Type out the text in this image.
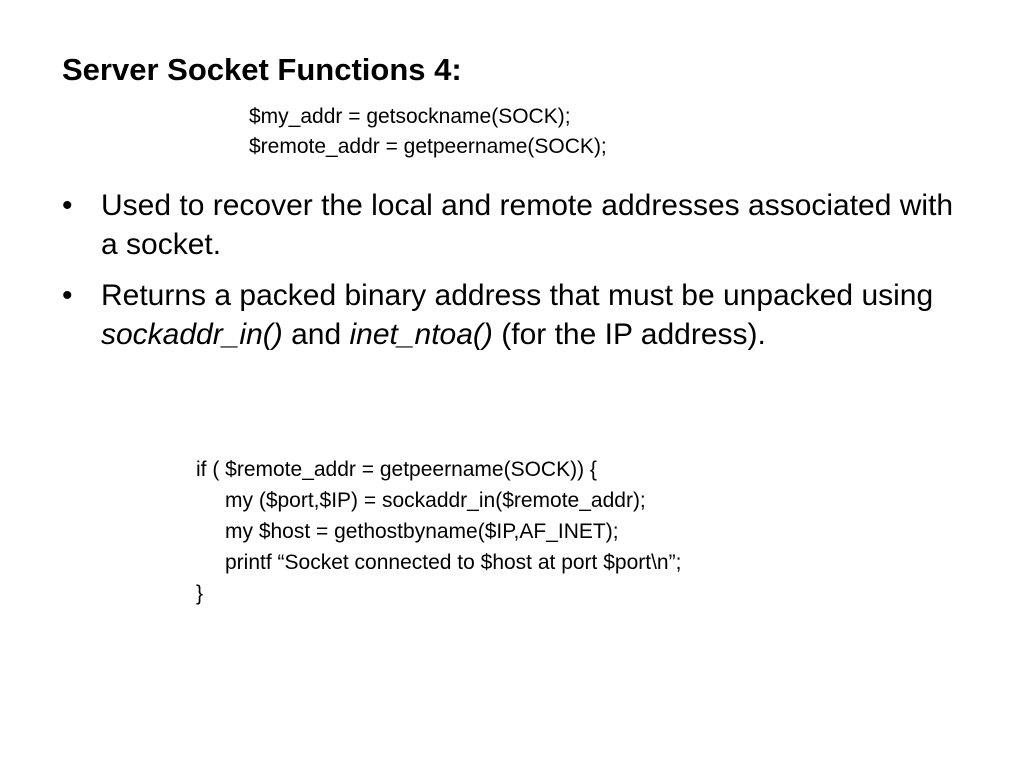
Server Socket Functions 4:
$my_addr = getsockname(SOCK);
$remote_addr = getpeername(SOCK);
• Used to recover the local and remote addresses associated with a socket.
• Returns a packed binary address that must be unpacked using sockaddr_in() and inet_ntoa() (for the IP address).
if ( $remote_addr = getpeername(SOCK)) {
my ($port,$IP) = sockaddr_in($remote_addr);
my $host = gethostbyname($IP,AF_INET);
printf “Socket connected to $host at port $port\n”;
}
